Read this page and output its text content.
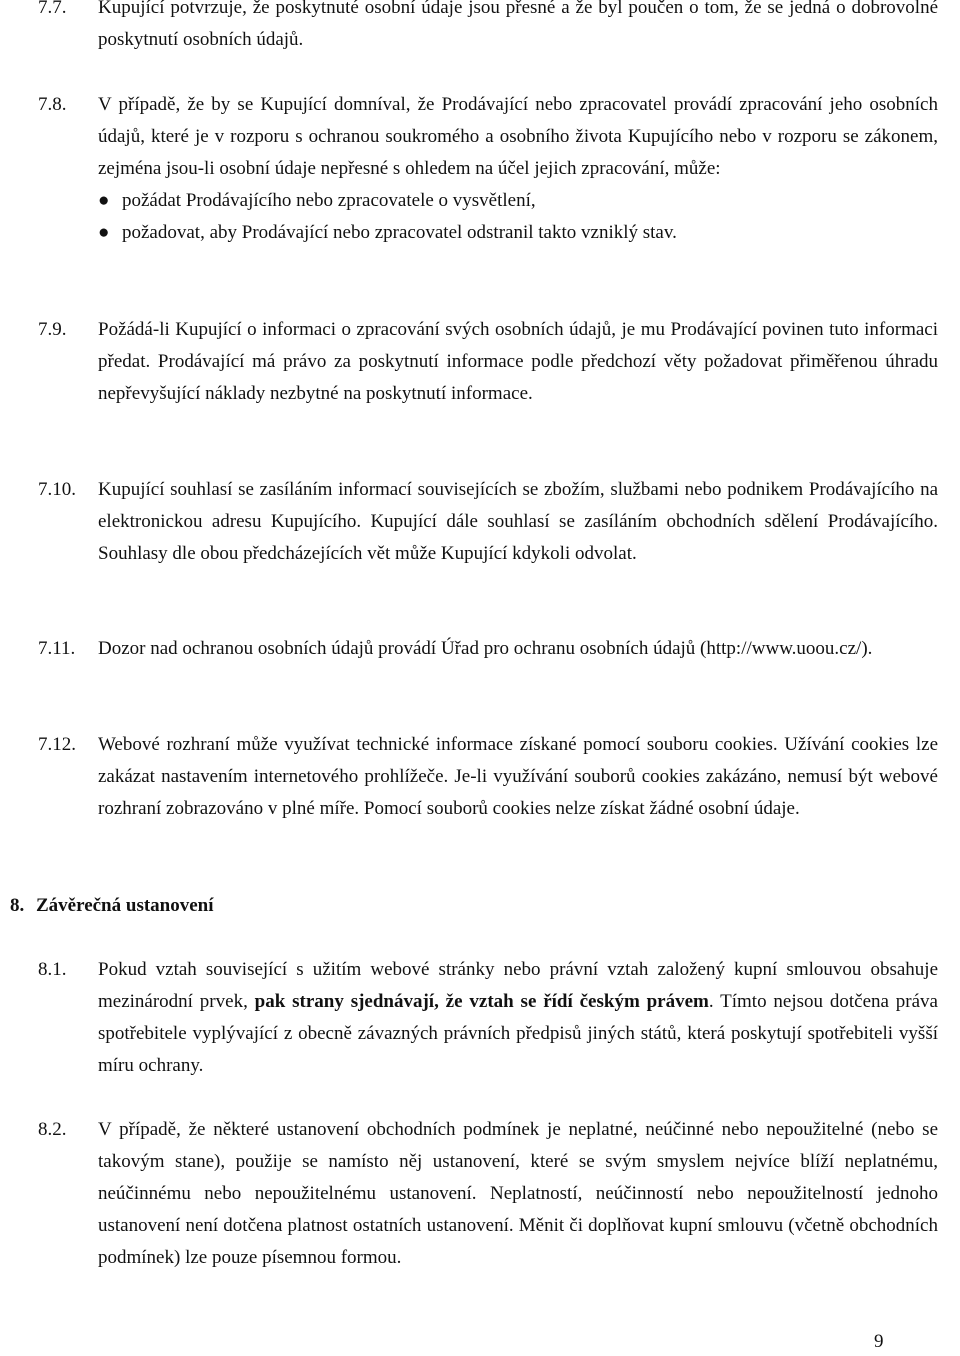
7.7.	Kupující potvrzuje, že poskytnuté osobní údaje jsou přesné a že byl poučen o tom, že se jedná o dobrovolné poskytnutí osobních údajů.

7.8.	V případě, že by se Kupující domníval, že Prodávající nebo zpracovatel provádí zpracování jeho osobních údajů, které je v rozporu s ochranou soukromého a osobního života Kupujícího nebo v rozporu se zákonem, zejména jsou-li osobní údaje nepřesné s ohledem na účel jejich zpracování, může:

● požádat Prodávajícího nebo zpracovatele o vysvětlení,
● požadovat, aby Prodávající nebo zpracovatel odstranil takto vzniklý stav.
7.9.	Požádá-li Kupující o informaci o zpracování svých osobních údajů, je mu Prodávající povinen tuto informaci předat. Prodávající má právo za poskytnutí informace podle předchozí věty požadovat přiměřenou úhradu nepřevyšující náklady nezbytné na poskytnutí informace.

7.10.	Kupující souhlasí se zasíláním informací souvisejících se zbožím, službami nebo podnikem Prodávajícího na elektronickou adresu Kupujícího. Kupující dále souhlasí se zasíláním obchodních sdělení Prodávajícího. Souhlasy dle obou předcházejících vět může Kupující kdykoli odvolat.

7.11.	Dozor nad ochranou osobních údajů provádí Úřad pro ochranu osobních údajů (http://www.uoou.cz/).

7.12.	Webové rozhraní může využívat technické informace získané pomocí souboru cookies. Užívání cookies lze zakázat nastavením internetového prohlížeče. Je-li využívání souborů cookies zakázáno, nemusí být webové rozhraní zobrazováno v plné míře. Pomocí souborů cookies nelze získat žádné osobní údaje.

8. Závěrečná ustanovení
8.1.	Pokud vztah související s užitím webové stránky nebo právní vztah založený kupní smlouvou obsahuje mezinárodní prvek, pak strany sjednávají, že vztah se řídí českým právem. Tímto nejsou dotčena práva spotřebitele vyplývající z obecně závazných právních předpisů jiných států, která poskytují spotřebiteli vyšší míru ochrany.

8.2.	V případě, že některé ustanovení obchodních podmínek je neplatné, neúčinné nebo nepoužitelné (nebo se takovým stane), použije se namísto něj ustanovení, které se svým smyslem nejvíce blíží neplatnému, neúčinnému nebo nepoužitelnému ustanovení. Neplatností, neúčinností nebo nepoužitelností jednoho ustanovení není dotčena platnost ostatních ustanovení. Měnit či doplňovat kupní smlouvu (včetně obchodních podmínek) lze pouze písemnou formou.

9
